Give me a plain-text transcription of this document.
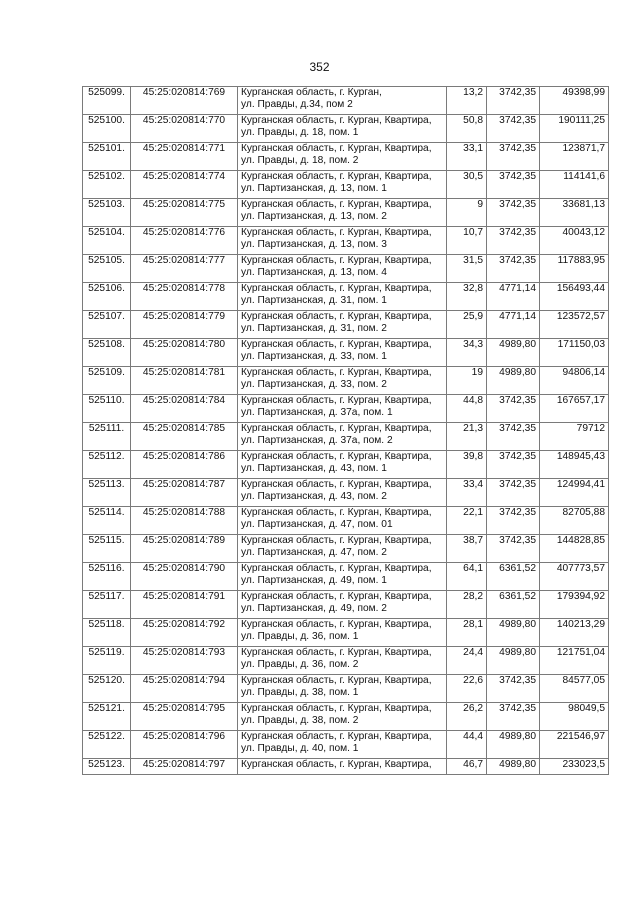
352
525099.	45:25:020814:769	Курганская область, г. Курган,
ул. Правды, д.34, пом 2	13,2	3742,35	49398,99
525100.	45:25:020814:770	Курганская область, г. Курган, Квартира,
ул. Правды, д. 18, пом. 1	50,8	3742,35	190111,25
525101.	45:25:020814:771	Курганская область, г. Курган, Квартира,
ул. Правды, д. 18, пом. 2	33,1	3742,35	123871,7
525102.	45:25:020814:774	Курганская область, г. Курган, Квартира,
ул. Партизанская, д. 13, пом. 1	30,5	3742,35	114141,6
525103.	45:25:020814:775	Курганская область, г. Курган, Квартира,
ул. Партизанская, д. 13, пом. 2	9	3742,35	33681,13
525104.	45:25:020814:776	Курганская область, г. Курган, Квартира,
ул. Партизанская, д. 13, пом. 3	10,7	3742,35	40043,12
525105.	45:25:020814:777	Курганская область, г. Курган, Квартира,
ул. Партизанская, д. 13, пом. 4	31,5	3742,35	117883,95
525106.	45:25:020814:778	Курганская область, г. Курган, Квартира,
ул. Партизанская, д. 31, пом. 1	32,8	4771,14	156493,44
525107.	45:25:020814:779	Курганская область, г. Курган, Квартира,
ул. Партизанская, д. 31, пом. 2	25,9	4771,14	123572,57
525108.	45:25:020814:780	Курганская область, г. Курган, Квартира,
ул. Партизанская, д. 33, пом. 1	34,3	4989,80	171150,03
525109.	45:25:020814:781	Курганская область, г. Курган, Квартира,
ул. Партизанская, д. 33, пом. 2	19	4989,80	94806,14
525110.	45:25:020814:784	Курганская область, г. Курган, Квартира,
ул. Партизанская, д. 37а, пом. 1	44,8	3742,35	167657,17
525111.	45:25:020814:785	Курганская область, г. Курган, Квартира,
ул. Партизанская, д. 37а, пом. 2	21,3	3742,35	79712
525112.	45:25:020814:786	Курганская область, г. Курган, Квартира,
ул. Партизанская, д. 43, пом. 1	39,8	3742,35	148945,43
525113.	45:25:020814:787	Курганская область, г. Курган, Квартира,
ул. Партизанская, д. 43, пом. 2	33,4	3742,35	124994,41
525114.	45:25:020814:788	Курганская область, г. Курган, Квартира,
ул. Партизанская, д. 47, пом. 01	22,1	3742,35	82705,88
525115.	45:25:020814:789	Курганская область, г. Курган, Квартира,
ул. Партизанская, д. 47, пом. 2	38,7	3742,35	144828,85
525116.	45:25:020814:790	Курганская область, г. Курган, Квартира,
ул. Партизанская, д. 49, пом. 1	64,1	6361,52	407773,57
525117.	45:25:020814:791	Курганская область, г. Курган, Квартира,
ул. Партизанская, д. 49, пом. 2	28,2	6361,52	179394,92
525118.	45:25:020814:792	Курганская область, г. Курган, Квартира,
ул. Правды, д. 36, пом. 1	28,1	4989,80	140213,29
525119.	45:25:020814:793	Курганская область, г. Курган, Квартира,
ул. Правды, д. 36, пом. 2	24,4	4989,80	121751,04
525120.	45:25:020814:794	Курганская область, г. Курган, Квартира,
ул. Правды, д. 38, пом. 1	22,6	3742,35	84577,05
525121.	45:25:020814:795	Курганская область, г. Курган, Квартира,
ул. Правды, д. 38, пом. 2	26,2	3742,35	98049,5
525122.	45:25:020814:796	Курганская область, г. Курган, Квартира,
ул. Правды, д. 40, пом. 1	44,4	4989,80	221546,97
525123.	45:25:020814:797	Курганская область, г. Курган, Квартира,	46,7	4989,80	233023,5
